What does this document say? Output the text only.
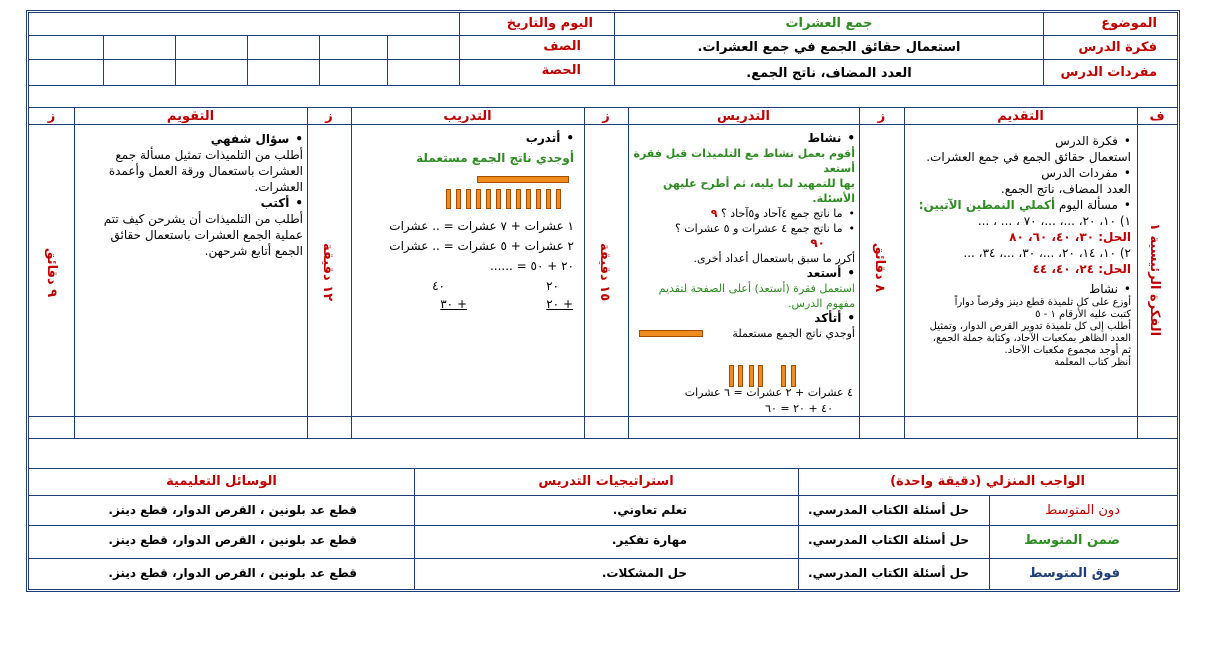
الموضوع
جمع العشرات
اليوم والتاريخ
فكرة الدرس
استعمال حقائق الجمع في جمع العشرات.
الصف
مفردات الدرس
العدد المضاف، ناتج الجمع.
الحصة
ف
التقديم
ز
التدريس
ز
التدريب
ز
التقويم
ز
الفكرة الرئيسية ١
٨ دقائق
١٥ دقيقة
١٢ دقيقة
٩ دقائق
• فكرة الدرس
استعمال حقائق الجمع في جمع العشرات.
• مفردات الدرس
العدد المضاف، ناتج الجمع.
• مسألة اليوم أكملي النمطين الآتيين:
١) ١٠، ٢٠، ...، ...، ٧٠ ، ... ، ...
الحل: ٣٠، ٤٠، ٦٠، ٨٠
٢) ١٠، ١٤، ٢٠، ...، ٣٠، ...، ٣٤، ...
الحل: ٢٤، ٤٠، ٤٤
• نشاط
أوزع على كل تلميذة قطع دينز وقرصاً دواراً
كتبت عليه الأرقام ١ - ٥
أطلب إلى كل تلميذة تدوير القرص الدوار، وتمثيل
العدد الظاهر بمكعبات الآحاد، وكتابة جملة الجمع،
ثم أوجد مجموع مكعبات الآحاد.
أنظر كتاب المعلمة
• نشاط
أقوم بعمل نشاط مع التلميذات قبل فقرة أستعد
بها للتمهيد لما يليه، ثم أطرح عليهن الأسئلة.
• ما ناتج جمع ٤آحاد و٥آحاد ؟ ٩
• ما ناتج جمع ٤ عشرات و ٥ عشرات ؟
٩٠
أكرر ما سبق باستعمال أعداد أخرى.
• أستعد
استعمل فقرة (أستعد) أعلى الصفحة لتقديم
مفهوم الدرس.
• أتأكد
أوجدي ناتج الجمع مستعملة
٤ عشرات + ٢ عشرات = ٦ عشرات
٤٠ + ٢٠ = ٦٠
• أتدرب
أوجدي ناتج الجمع مستعملة
١ عشرات + ٧ عشرات = .. عشرات
٢ عشرات + ٥ عشرات = .. عشرات
٢٠ + ٥٠ = ......
٢٠
+ ٢٠
٤٠
+ ٣٠
• سؤال شفهي
أطلب من التلميذات تمثيل مسألة جمع
العشرات باستعمال ورقة العمل وأعمدة
العشرات.
• أكتب
أطلب من التلميذات أن يشرحن كيف تتم
عملية الجمع العشرات باستعمال حقائق
الجمع أتابع شرحهن.
الواجب المنزلي (دقيقة واحدة)
استراتيجيات التدريس
الوسائل التعليمية
دون المتوسط
حل أسئلة الكتاب المدرسي.
تعلم تعاوني.
قطع عد بلونين ، القرص الدوار، قطع دينز.
ضمن المتوسط
حل أسئلة الكتاب المدرسي.
مهارة تفكير.
قطع عد بلونين ، القرص الدوار، قطع دينز.
فوق المتوسط
حل أسئلة الكتاب المدرسي.
حل المشكلات.
قطع عد بلونين ، القرص الدوار، قطع دينز.
